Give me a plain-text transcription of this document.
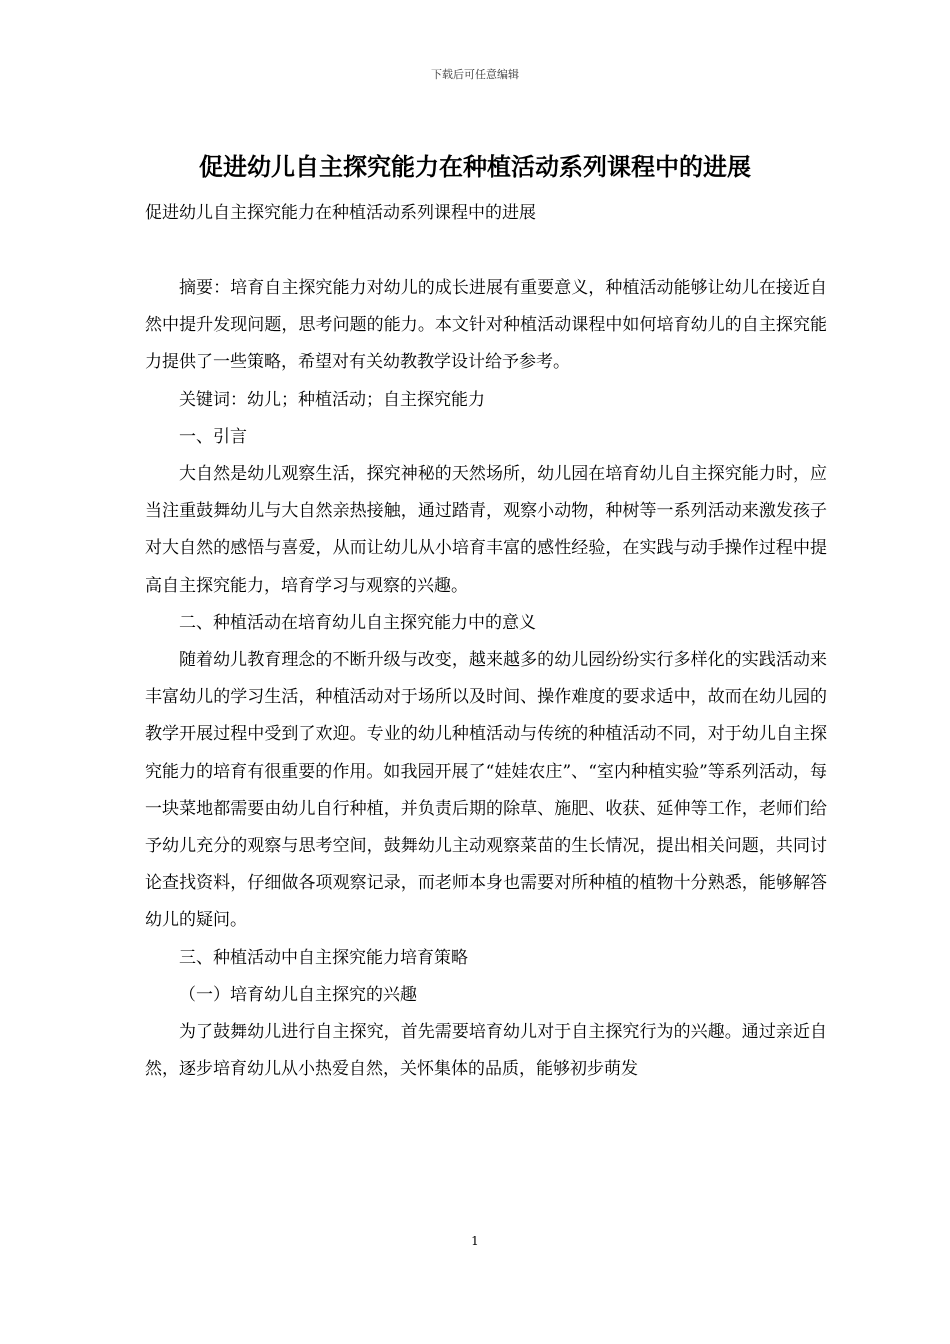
下载后可任意编辑
促进幼儿自主探究能力在种植活动系列课程中的进展
促进幼儿自主探究能力在种植活动系列课程中的进展

摘要：培育自主探究能力对幼儿的成长进展有重要意义，种植活动能够让幼儿在接近自然中提升发现问题，思考问题的能力。本文针对种植活动课程中如何培育幼儿的自主探究能力提供了一些策略，希望对有关幼教教学设计给予参考。

关键词：幼儿；种植活动；自主探究能力

一、引言

大自然是幼儿观察生活，探究神秘的天然场所，幼儿园在培育幼儿自主探究能力时，应当注重鼓舞幼儿与大自然亲热接触，通过踏青，观察小动物，种树等一系列活动来激发孩子对大自然的感悟与喜爱，从而让幼儿从小培育丰富的感性经验，在实践与动手操作过程中提高自主探究能力，培育学习与观察的兴趣。

二、种植活动在培育幼儿自主探究能力中的意义

随着幼儿教育理念的不断升级与改变，越来越多的幼儿园纷纷实行多样化的实践活动来丰富幼儿的学习生活，种植活动对于场所以及时间、操作难度的要求适中，故而在幼儿园的教学开展过程中受到了欢迎。专业的幼儿种植活动与传统的种植活动不同，对于幼儿自主探究能力的培育有很重要的作用。如我园开展了“娃娃农庄”、“室内种植实验”等系列活动，每一块菜地都需要由幼儿自行种植，并负责后期的除草、施肥、收获、延伸等工作，老师们给予幼儿充分的观察与思考空间，鼓舞幼儿主动观察菜苗的生长情况，提出相关问题，共同讨论查找资料，仔细做各项观察记录，而老师本身也需要对所种植的植物十分熟悉，能够解答幼儿的疑问。

三、种植活动中自主探究能力培育策略

（一）培育幼儿自主探究的兴趣

为了鼓舞幼儿进行自主探究，首先需要培育幼儿对于自主探究行为的兴趣。通过亲近自然，逐步培育幼儿从小热爱自然，关怀集体的品质，能够初步萌发

1
